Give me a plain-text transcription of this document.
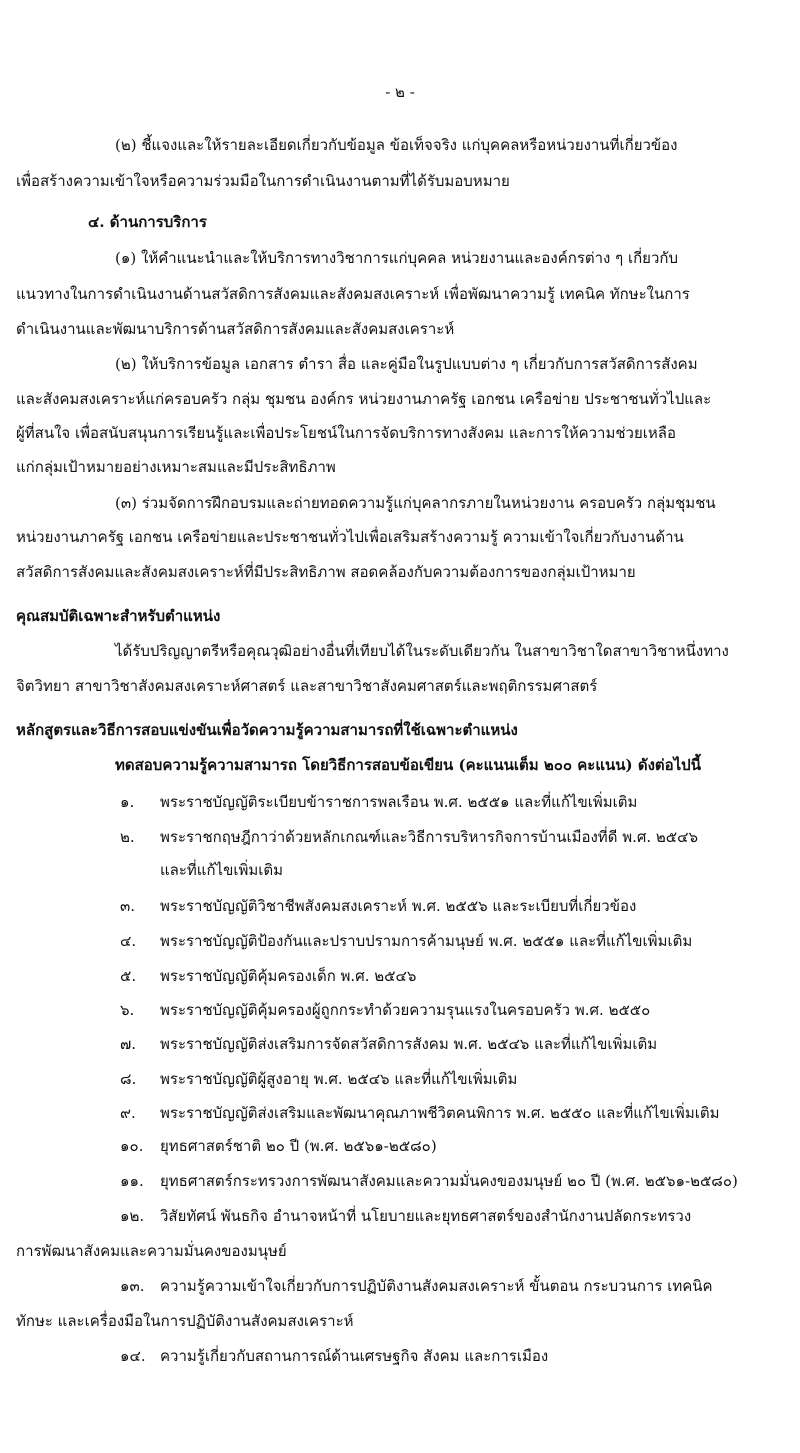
- ๒ -
(๒) ชี้แจงและให้รายละเอียดเกี่ยวกับข้อมูล ข้อเท็จจริง แก่บุคคลหรือหน่วยงานที่เกี่ยวข้อง
เพื่อสร้างความเข้าใจหรือความร่วมมือในการดำเนินงานตามที่ได้รับมอบหมาย
๔. ด้านการบริการ
(๑) ให้คำแนะนำและให้บริการทางวิชาการแก่บุคคล หน่วยงานและองค์กรต่าง ๆ เกี่ยวกับ
แนวทางในการดำเนินงานด้านสวัสดิการสังคมและสังคมสงเคราะห์ เพื่อพัฒนาความรู้ เทคนิค ทักษะในการ
ดำเนินงานและพัฒนาบริการด้านสวัสดิการสังคมและสังคมสงเคราะห์
(๒) ให้บริการข้อมูล เอกสาร ตำรา สื่อ และคู่มือในรูปแบบต่าง ๆ เกี่ยวกับการสวัสดิการสังคม
และสังคมสงเคราะห์แก่ครอบครัว กลุ่ม ชุมชน องค์กร หน่วยงานภาครัฐ เอกชน เครือข่าย ประชาชนทั่วไปและ
ผู้ที่สนใจ เพื่อสนับสนุนการเรียนรู้และเพื่อประโยชน์ในการจัดบริการทางสังคม และการให้ความช่วยเหลือ
แก่กลุ่มเป้าหมายอย่างเหมาะสมและมีประสิทธิภาพ
(๓) ร่วมจัดการฝึกอบรมและถ่ายทอดความรู้แก่บุคลากรภายในหน่วยงาน ครอบครัว กลุ่มชุมชน
หน่วยงานภาครัฐ เอกชน เครือข่ายและประชาชนทั่วไปเพื่อเสริมสร้างความรู้ ความเข้าใจเกี่ยวกับงานด้าน
สวัสดิการสังคมและสังคมสงเคราะห์ที่มีประสิทธิภาพ สอดคล้องกับความต้องการของกลุ่มเป้าหมาย
คุณสมบัติเฉพาะสำหรับตำแหน่ง
ได้รับปริญญาตรีหรือคุณวุฒิอย่างอื่นที่เทียบได้ในระดับเดียวกัน ในสาขาวิชาใดสาขาวิชาหนึ่งทาง
จิตวิทยา สาขาวิชาสังคมสงเคราะห์ศาสตร์ และสาขาวิชาสังคมศาสตร์และพฤติกรรมศาสตร์
หลักสูตรและวิธีการสอบแข่งขันเพื่อวัดความรู้ความสามารถที่ใช้เฉพาะตำแหน่ง
ทดสอบความรู้ความสามารถ โดยวิธีการสอบข้อเขียน (คะแนนเต็ม ๒๐๐ คะแนน) ดังต่อไปนี้
๑. พระราชบัญญัติระเบียบข้าราชการพลเรือน พ.ศ. ๒๕๕๑ และที่แก้ไขเพิ่มเติม
๒. พระราชกฤษฎีกาว่าด้วยหลักเกณฑ์และวิธีการบริหารกิจการบ้านเมืองที่ดี พ.ศ. ๒๕๔๖
และที่แก้ไขเพิ่มเติม
๓. พระราชบัญญัติวิชาชีพสังคมสงเคราะห์ พ.ศ. ๒๕๕๖ และระเบียบที่เกี่ยวข้อง
๔. พระราชบัญญัติป้องกันและปราบปรามการค้ามนุษย์ พ.ศ. ๒๕๕๑ และที่แก้ไขเพิ่มเติม
๕. พระราชบัญญัติคุ้มครองเด็ก พ.ศ. ๒๕๔๖
๖. พระราชบัญญัติคุ้มครองผู้ถูกกระทำด้วยความรุนแรงในครอบครัว พ.ศ. ๒๕๕๐
๗. พระราชบัญญัติส่งเสริมการจัดสวัสดิการสังคม พ.ศ. ๒๕๔๖ และที่แก้ไขเพิ่มเติม
๘. พระราชบัญญัติผู้สูงอายุ พ.ศ. ๒๕๔๖ และที่แก้ไขเพิ่มเติม
๙. พระราชบัญญัติส่งเสริมและพัฒนาคุณภาพชีวิตคนพิการ พ.ศ. ๒๕๕๐ และที่แก้ไขเพิ่มเติม
๑๐. ยุทธศาสตร์ชาติ ๒๐ ปี (พ.ศ. ๒๕๖๑-๒๕๘๐)
๑๑. ยุทธศาสตร์กระทรวงการพัฒนาสังคมและความมั่นคงของมนุษย์ ๒๐ ปี (พ.ศ. ๒๕๖๑-๒๕๘๐)
๑๒. วิสัยทัศน์ พันธกิจ อำนาจหน้าที่ นโยบายและยุทธศาสตร์ของสำนักงานปลัดกระทรวง
การพัฒนาสังคมและความมั่นคงของมนุษย์
๑๓. ความรู้ความเข้าใจเกี่ยวกับการปฏิบัติงานสังคมสงเคราะห์ ขั้นตอน กระบวนการ เทคนิค
ทักษะ และเครื่องมือในการปฏิบัติงานสังคมสงเคราะห์
๑๔. ความรู้เกี่ยวกับสถานการณ์ด้านเศรษฐกิจ สังคม และการเมือง
